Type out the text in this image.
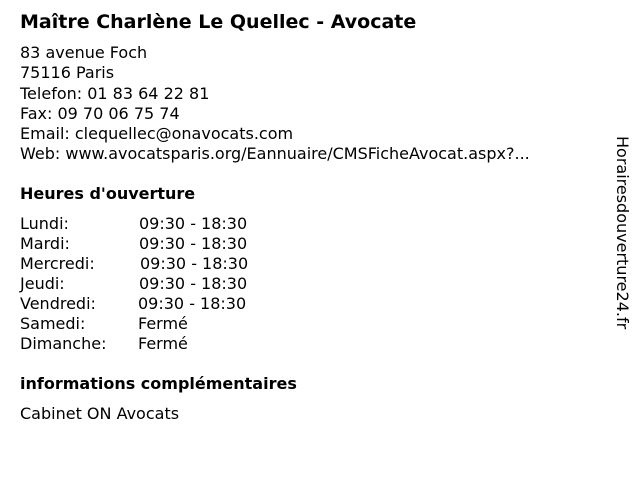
Maître Charlène Le Quellec - Avocate
83 avenue Foch
75116 Paris
Telefon: 01 83 64 22 81
Fax: 09 70 06 75 74
Email: clequellec@onavocats.com
Web: www.avocatsparis.org/Eannuaire/CMSFicheAvocat.aspx?...
Heures d'ouverture
Lundi:	09:30 - 18:30
Mardi:	09:30 - 18:30
Mercredi:	09:30 - 18:30
Jeudi:	09:30 - 18:30
Vendredi:	09:30 - 18:30
Samedi:	Fermé
Dimanche: Fermé
informations complémentaires
Cabinet ON Avocats
Horairesdouverture24.fr
